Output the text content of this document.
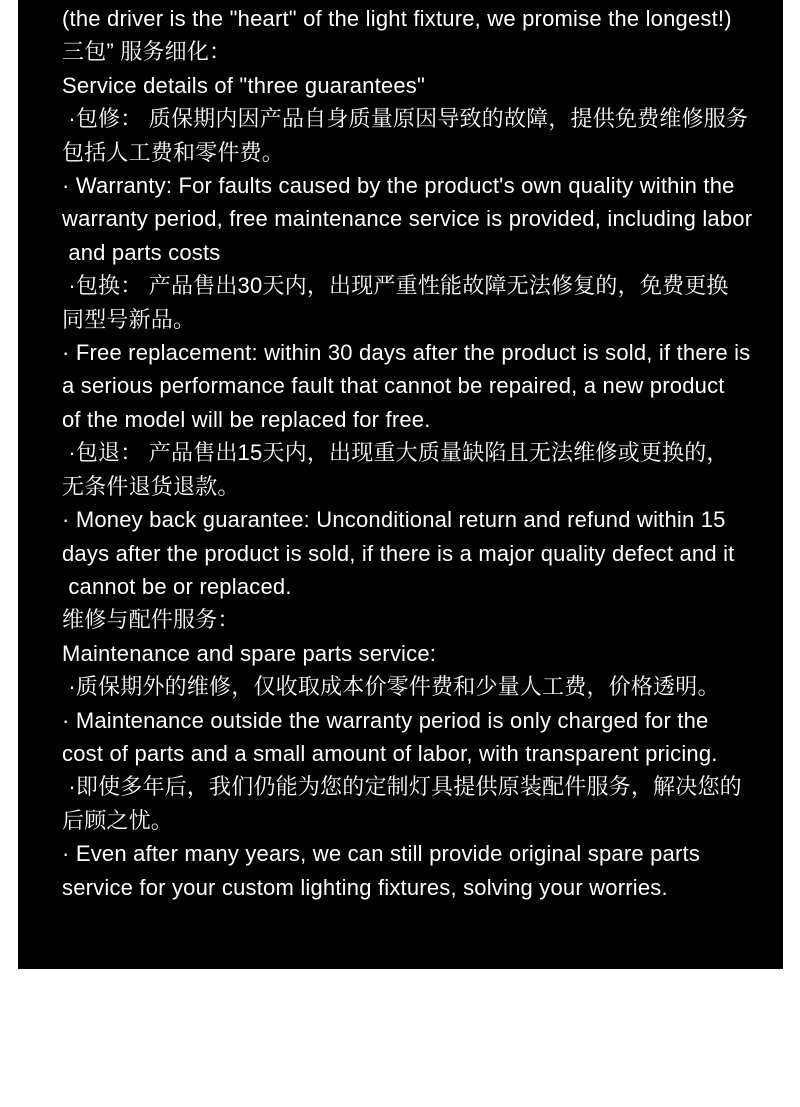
(the driver is the "heart" of the light fixture, we promise the longest!)
三包” 服务细化：
Service details of "three guarantees"
·包修： 质保期内因产品自身质量原因导致的故障，提供免费维修服务
包括人工费和零件费。
· Warranty: For faults caused by the product's own quality within the
warranty period, free maintenance service is provided, including labor
and parts costs
·包换： 产品售出30天内，出现严重性能故障无法修复的，免费更换
同型号新品。
· Free replacement: within 30 days after the product is sold, if there is
a serious performance fault that cannot be repaired, a new product
of the model will be replaced for free.
·包退： 产品售出15天内，出现重大质量缺陷且无法维修或更换的，
无条件退货退款。
· Money back guarantee: Unconditional return and refund within 15
days after the product is sold, if there is a major quality defect and it
cannot be or replaced.
维修与配件服务：
Maintenance and spare parts service:
·质保期外的维修，仅收取成本价零件费和少量人工费，价格透明。
· Maintenance outside the warranty period is only charged for the
cost of parts and a small amount of labor, with transparent pricing.
·即使多年后，我们仍能为您的定制灯具提供原装配件服务，解决您的
后顾之忧。
· Even after many years, we can still provide original spare parts
service for your custom lighting fixtures, solving your worries.
